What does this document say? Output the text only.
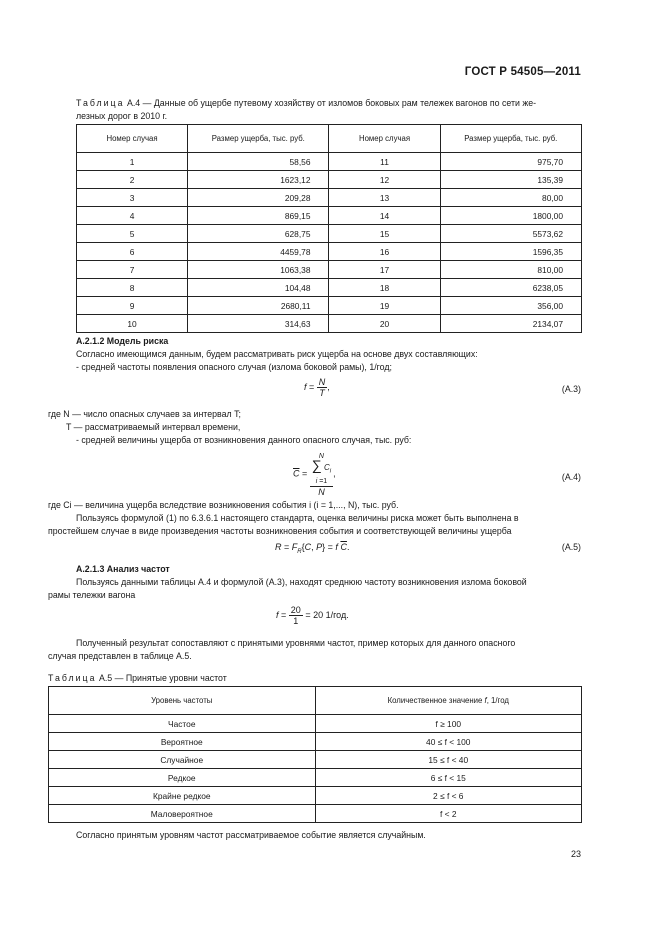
ГОСТ Р 54505—2011
Таблица А.4 — Данные об ущербе путевому хозяйству от изломов боковых рам тележек вагонов по сети же-
лезных дорог в 2010 г.
Номер случая	Размер ущерба, тыс. руб.	Номер случая	Размер ущерба, тыс. руб.
1	58,56	11	975,70
2	1623,12	12	135,39
3	209,28	13	80,00
4	869,15	14	1800,00
5	628,75	15	5573,62
6	4459,78	16	1596,35
7	1063,38	17	810,00
8	104,48	18	6238,05
9	2680,11	19	356,00
10	314,63	20	2134,07
А.2.1.2 Модель риска
Согласно имеющимся данным, будем рассматривать риск ущерба на основе двух составляющих:
- средней частоты появления опасного случая (излома боковой рамы), 1/год;
$f = \frac{N}{T}$ ,	(А.3)
где N — число опасных случаев за интервал T;
T — рассматриваемый интервал времени,
- средней величины ущерба от возникновения данного опасного случая, тыс. руб:
$\overline{C} = N$
∑ $C_i$
i =1
N ,	(А.4)
где Ci — величина ущерба вследствие возникновения события i (i = 1,..., N), тыс. руб.
Пользуясь формулой (1) по 6.3.6.1 настоящего стандарта, оценка величины риска может быть выполнена в
простейшем случае в виде произведения частоты возникновения события и соответствующей величины ущерба
$R = F_R\{C$, P} = f $\overline{C}$.	(А.5)
А.2.1.3 Анализ частот
Пользуясь данными таблицы А.4 и формулой (А.3), находят среднюю частоту возникновения излома боковой
рамы тележки вагона
$f = \frac{20}{1} = 20$ 1/год.
Полученный результат сопоставляют с принятыми уровнями частот, пример которых для данного опасного
случая представлен в таблице А.5.
Таблица А.5 — Принятые уровни частот
Уровень частоты	Количественное значение f, 1/год
Частое	f ≥ 100
Вероятное	40 ≤ f < 100
Случайное	15 ≤ f < 40
Редкое	6 ≤ f < 15
Крайне редкое	2 ≤ f < 6
Маловероятное	f < 2
Согласно принятым уровням частот рассматриваемое событие является случайным.
23
